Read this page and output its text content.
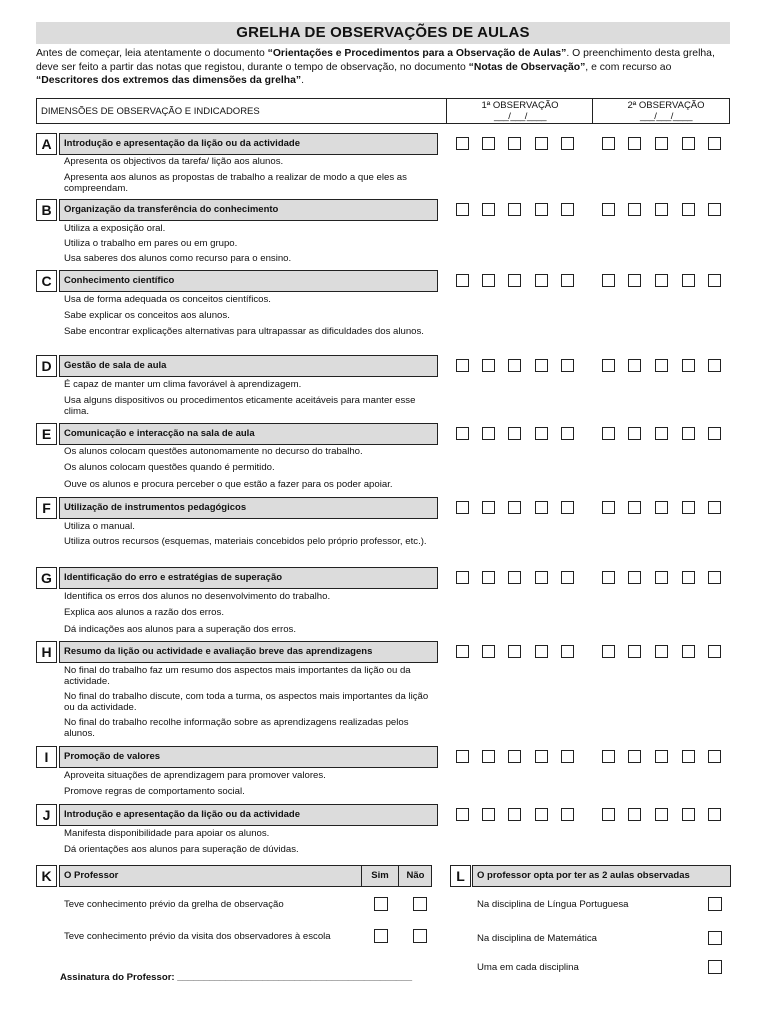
GRELHA DE OBSERVAÇÕES DE AULAS
Antes de começar, leia atentamente o documento “Orientações e Procedimentos para a Observação de Aulas”. O preenchimento desta grelha, deve ser feito a partir das notas que registou, durante o tempo de observação, no documento “Notas de Observação”, e com recurso ao “Descritores dos extremos das dimensões da grelha”.
DIMENSÕES DE OBSERVAÇÃO E INDICADORES
1ª OBSERVAÇÃO
___/___/____
2ª OBSERVAÇÃO
___/___/____
A	Introdução e apresentação da lição ou da actividade
Apresenta os objectivos da tarefa/ lição aos alunos.
Apresenta aos alunos as propostas de trabalho a realizar de modo a que eles as compreendam.
B	Organização da transferência do conhecimento
Utiliza a exposição oral.
Utiliza o trabalho em pares ou em grupo.
Usa saberes dos alunos como recurso para o ensino.
C	Conhecimento científico
Usa de forma adequada os conceitos científicos.
Sabe explicar os conceitos aos alunos.
Sabe encontrar explicações alternativas para ultrapassar as dificuldades dos alunos.
D	Gestão de sala de aula
É capaz de manter um clima favorável à aprendizagem.
Usa alguns dispositivos ou procedimentos eticamente aceitáveis para manter esse clima.
E	Comunicação e interacção na sala de aula
Os alunos colocam questões autonomamente no decurso do trabalho.
Os alunos colocam questões quando é permitido.
Ouve os alunos e procura perceber o que estão a fazer para os poder apoiar.
F	Utilização de instrumentos pedagógicos
Utiliza o manual.
Utiliza outros recursos (esquemas, materiais concebidos pelo próprio professor, etc.).
G	Identificação do erro e estratégias de superação
Identifica os erros dos alunos no desenvolvimento do trabalho.
Explica aos alunos a razão dos erros.
Dá indicações aos alunos para a superação dos erros.
H	Resumo da lição ou actividade e avaliação breve das aprendizagens
No final do trabalho faz um resumo dos aspectos mais importantes da lição ou da actividade.
No final do trabalho discute, com toda a turma, os aspectos mais importantes da lição ou da actividade.
No final do trabalho recolhe informação sobre as aprendizagens realizadas pelos alunos.
I	Promoção de valores
Aproveita situações de aprendizagem para promover valores.
Promove regras de comportamento social.
J	Introdução e apresentação da lição ou da actividade
Manifesta disponibilidade para apoiar os alunos.
Dá orientações aos alunos para superação de dúvidas.
K	O Professor	Sim	Não
Teve conhecimento prévio da grelha de observação
Teve conhecimento prévio da visita dos observadores à escola
Assinatura do Professor: ____________________________________________
L	O professor opta por ter as 2 aulas observadas
Na disciplina de Língua Portuguesa
Na disciplina de Matemática
Uma em cada disciplina
